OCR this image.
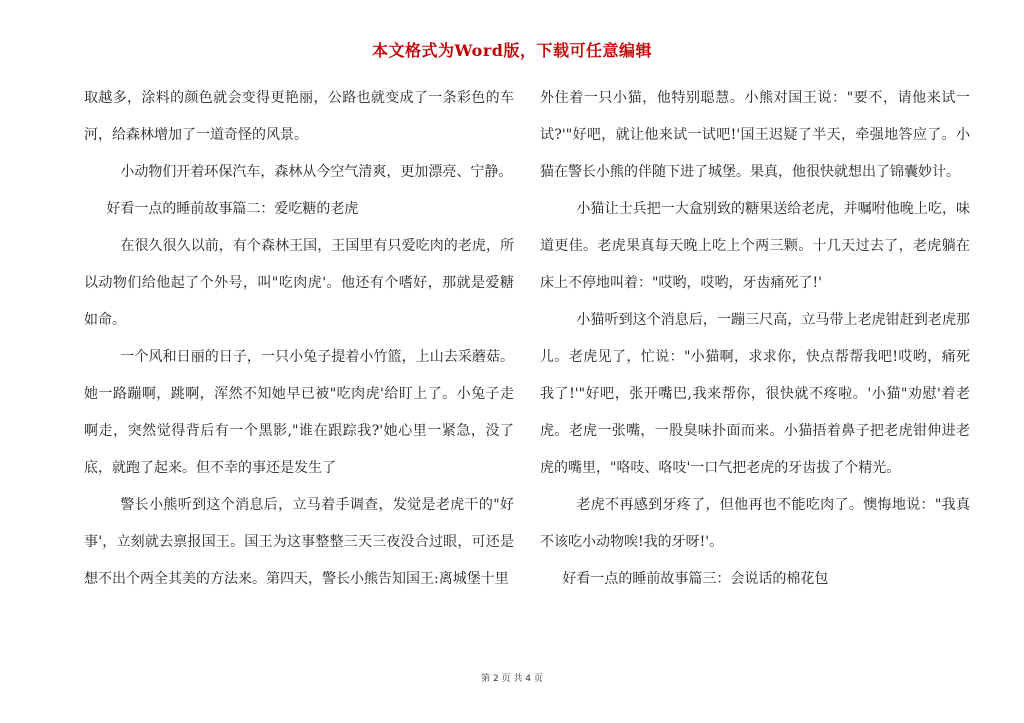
本文格式为Word版，下载可任意编辑

取越多，涂料的颜色就会变得更艳丽，公路也就变成了一条彩色的车河，给森林增加了一道奇怪的风景。

小动物们开着环保汽车，森林从今空气清爽，更加漂亮、宁静。

好看一点的睡前故事篇二：爱吃糖的老虎

在很久很久以前，有个森林王国，王国里有只爱吃肉的老虎，所以动物们给他起了个外号，叫"吃肉虎'。他还有个嗜好，那就是爱糖如命。

一个风和日丽的日子，一只小兔子提着小竹篮，上山去采蘑菇。她一路蹦啊，跳啊，浑然不知她早已被"吃肉虎'给盯上了。小兔子走啊走，突然觉得背后有一个黑影,"谁在跟踪我?'她心里一紧急，没了底，就跑了起来。但不幸的事还是发生了

警长小熊听到这个消息后，立马着手调查，发觉是老虎干的"好事'，立刻就去禀报国王。国王为这事整整三天三夜没合过眼，可还是想不出个两全其美的方法来。第四天，警长小熊告知国王:离城堡十里

外住着一只小猫，他特别聪慧。小熊对国王说："要不，请他来试一试?'"好吧，就让他来试一试吧!'国王迟疑了半天，牵强地答应了。小猫在警长小熊的伴随下进了城堡。果真，他很快就想出了锦囊妙计。

小猫让士兵把一大盒别致的糖果送给老虎，并嘱咐他晚上吃，味道更佳。老虎果真每天晚上吃上个两三颗。十几天过去了，老虎躺在床上不停地叫着："哎哟，哎哟，牙齿痛死了!'

小猫听到这个消息后，一蹦三尺高，立马带上老虎钳赶到老虎那儿。老虎见了，忙说："小猫啊，求求你，快点帮帮我吧!哎哟，痛死我了!'"好吧，张开嘴巴,我来帮你，很快就不疼啦。'小猫"劝慰'着老虎。老虎一张嘴，一股臭味扑面而来。小猫捂着鼻子把老虎钳伸进老虎的嘴里，"咯吱、咯吱'一口气把老虎的牙齿拔了个精光。

老虎不再感到牙疼了，但他再也不能吃肉了。懊悔地说："我真不该吃小动物唉!我的牙呀!'。

好看一点的睡前故事篇三：会说话的棉花包

第 2 页 共 4 页
